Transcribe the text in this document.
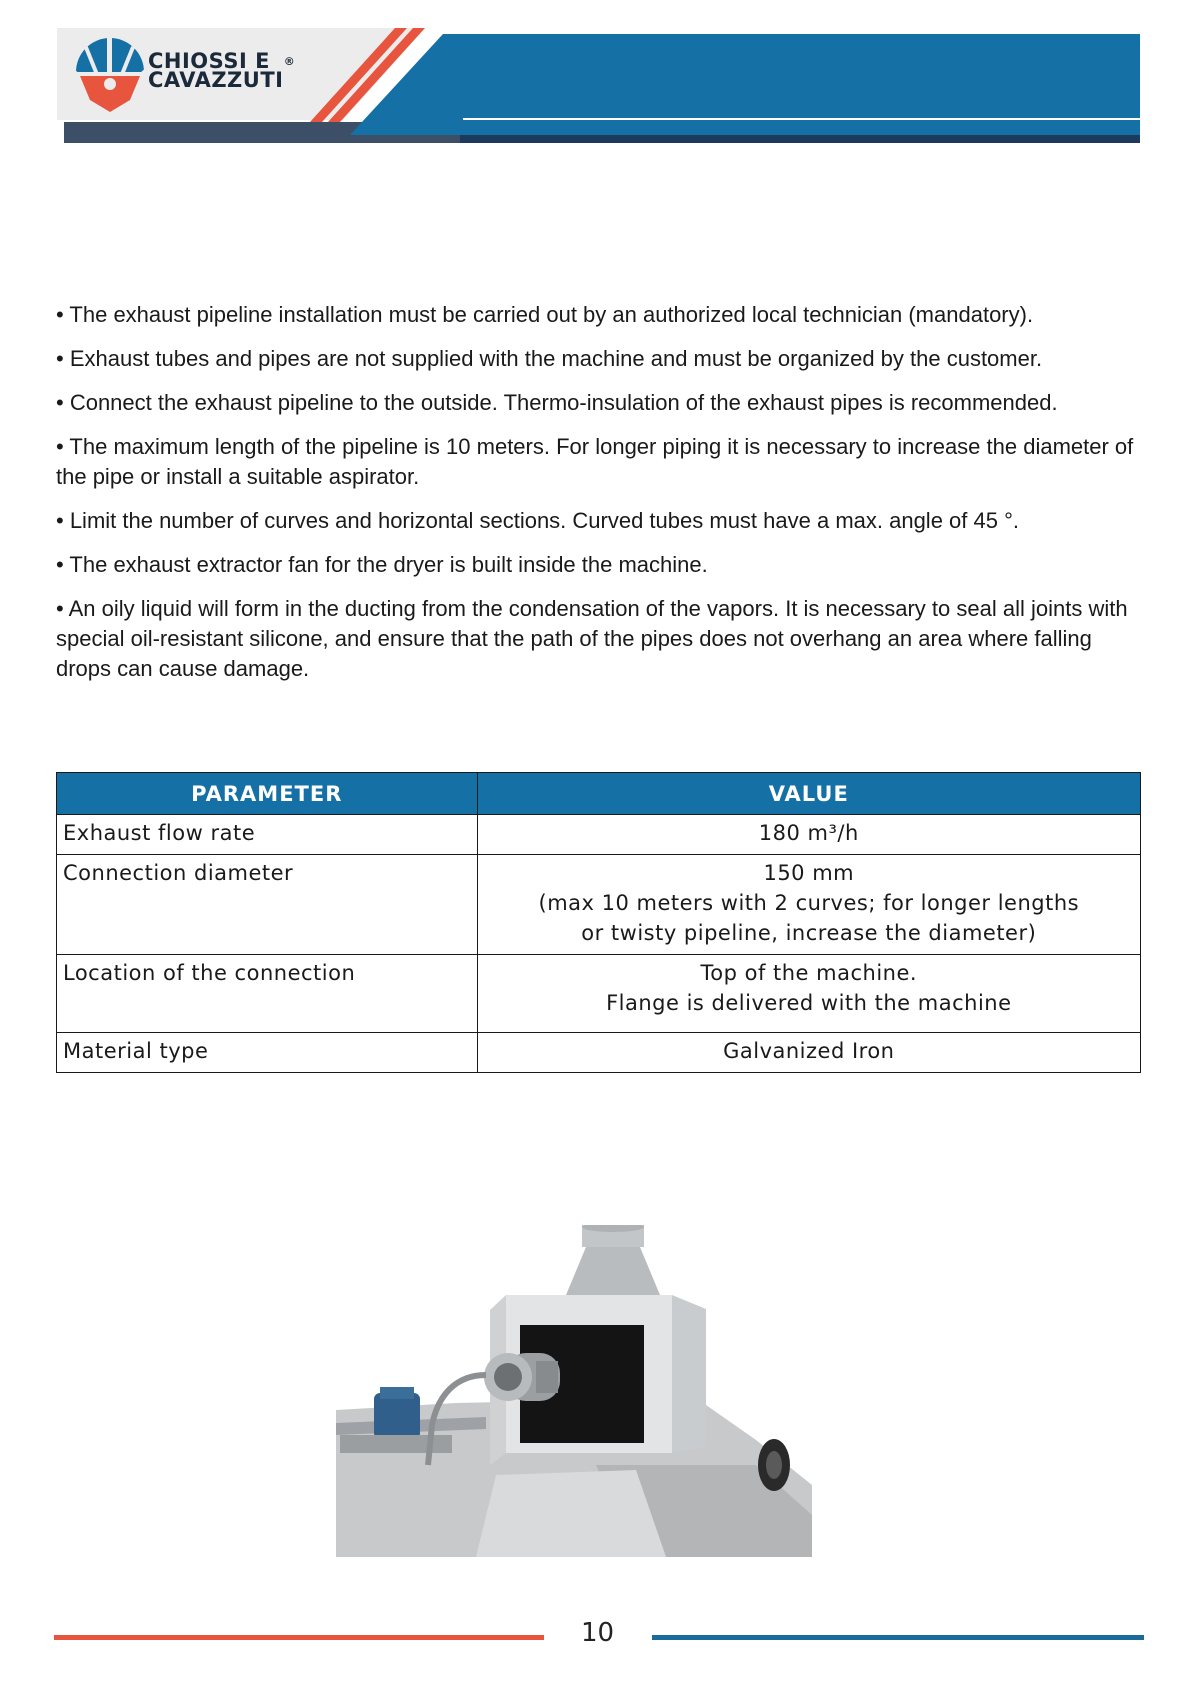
CHIOSSI E ®
CAVAZZUTI

• The exhaust pipeline installation must be carried out by an authorized local technician (mandatory).

• Exhaust tubes and pipes are not supplied with the machine and must be organized by the customer.

• Connect the exhaust pipeline to the outside. Thermo-insulation of the exhaust pipes is recommended.

• The maximum length of the pipeline is 10 meters. For longer piping it is necessary to increase the diameter of the pipe or install a suitable aspirator.

• Limit the number of curves and horizontal sections. Curved tubes must have a max. angle of 45 °.

• The exhaust extractor fan for the dryer is built inside the machine.

• An oily liquid will form in the ducting from the condensation of the vapors. It is necessary to seal all joints with special oil-resistant silicone, and ensure that the path of the pipes does not overhang an area where falling drops can cause damage.

PARAMETER	VALUE
Exhaust flow rate	180 m³/h
Connection diameter	150 mm
(max 10 meters with 2 curves; for longer lengths
or twisty pipeline, increase the diameter)
Location of the connection	Top of the machine.
Flange is delivered with the machine
Material type	Galvanized Iron
10
